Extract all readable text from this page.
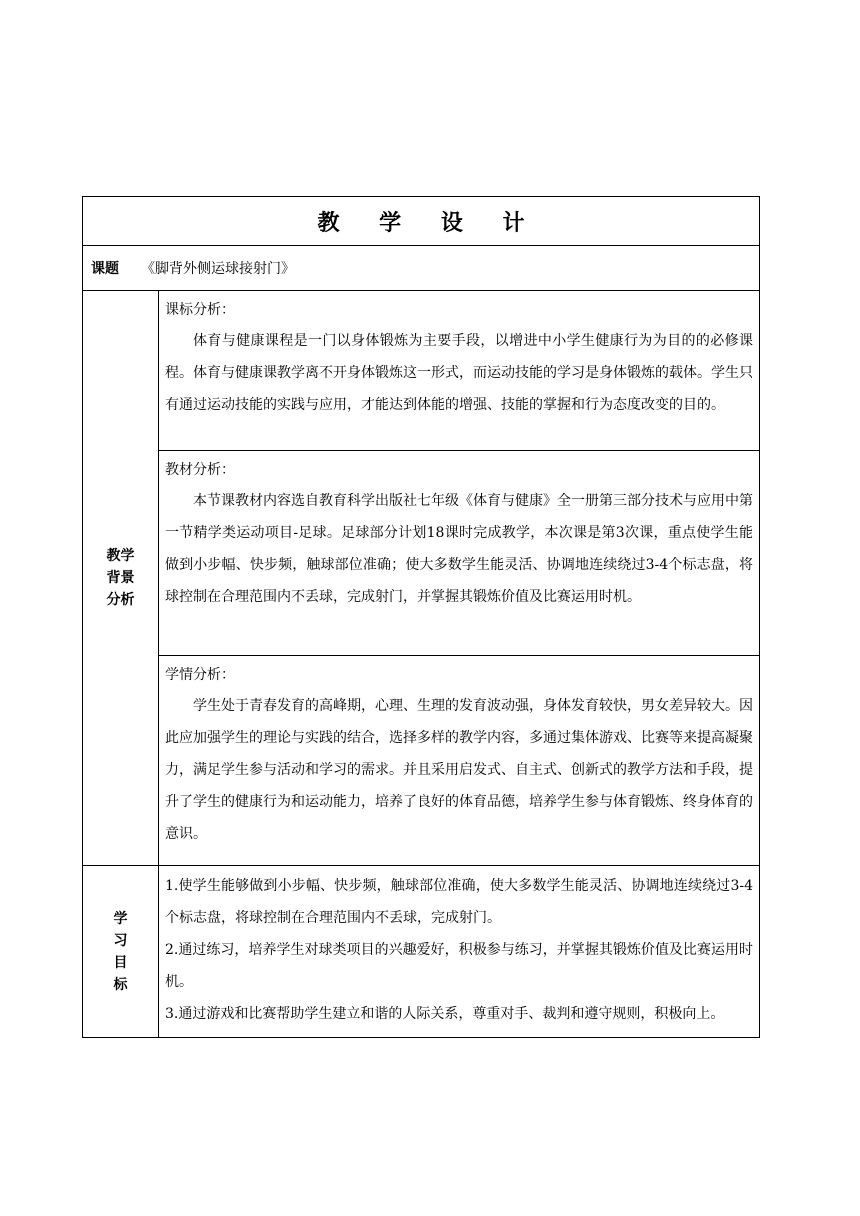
教 学 设 计
课题	《脚背外侧运球接射门》
教学
背景
分析
课标分析：

体育与健康课程是一门以身体锻炼为主要手段，以增进中小学生健康行为为目的的必修课程。体育与健康课教学离不开身体锻炼这一形式，而运动技能的学习是身体锻炼的载体。学生只有通过运动技能的实践与应用，才能达到体能的增强、技能的掌握和行为态度改变的目的。

教材分析：

本节课教材内容选自教育科学出版社七年级《体育与健康》全一册第三部分技术与应用中第一节精学类运动项目-足球。足球部分计划18课时完成教学，本次课是第3次课，重点使学生能做到小步幅、快步频，触球部位准确；使大多数学生能灵活、协调地连续绕过3-4个标志盘，将球控制在合理范围内不丢球，完成射门，并掌握其锻炼价值及比赛运用时机。

学情分析：

学生处于青春发育的高峰期，心理、生理的发育波动强，身体发育较快，男女差异较大。因此应加强学生的理论与实践的结合，选择多样的教学内容，多通过集体游戏、比赛等来提高凝聚力，满足学生参与活动和学习的需求。并且采用启发式、自主式、创新式的教学方法和手段，提升了学生的健康行为和运动能力，培养了良好的体育品德，培养学生参与体育锻炼、终身体育的意识。

学
习
目
标

1.使学生能够做到小步幅、快步频，触球部位准确，使大多数学生能灵活、协调地连续绕过3-4个标志盘，将球控制在合理范围内不丢球，完成射门。

2.通过练习，培养学生对球类项目的兴趣爱好，积极参与练习，并掌握其锻炼价值及比赛运用时机。

3.通过游戏和比赛帮助学生建立和谐的人际关系，尊重对手、裁判和遵守规则，积极向上。
